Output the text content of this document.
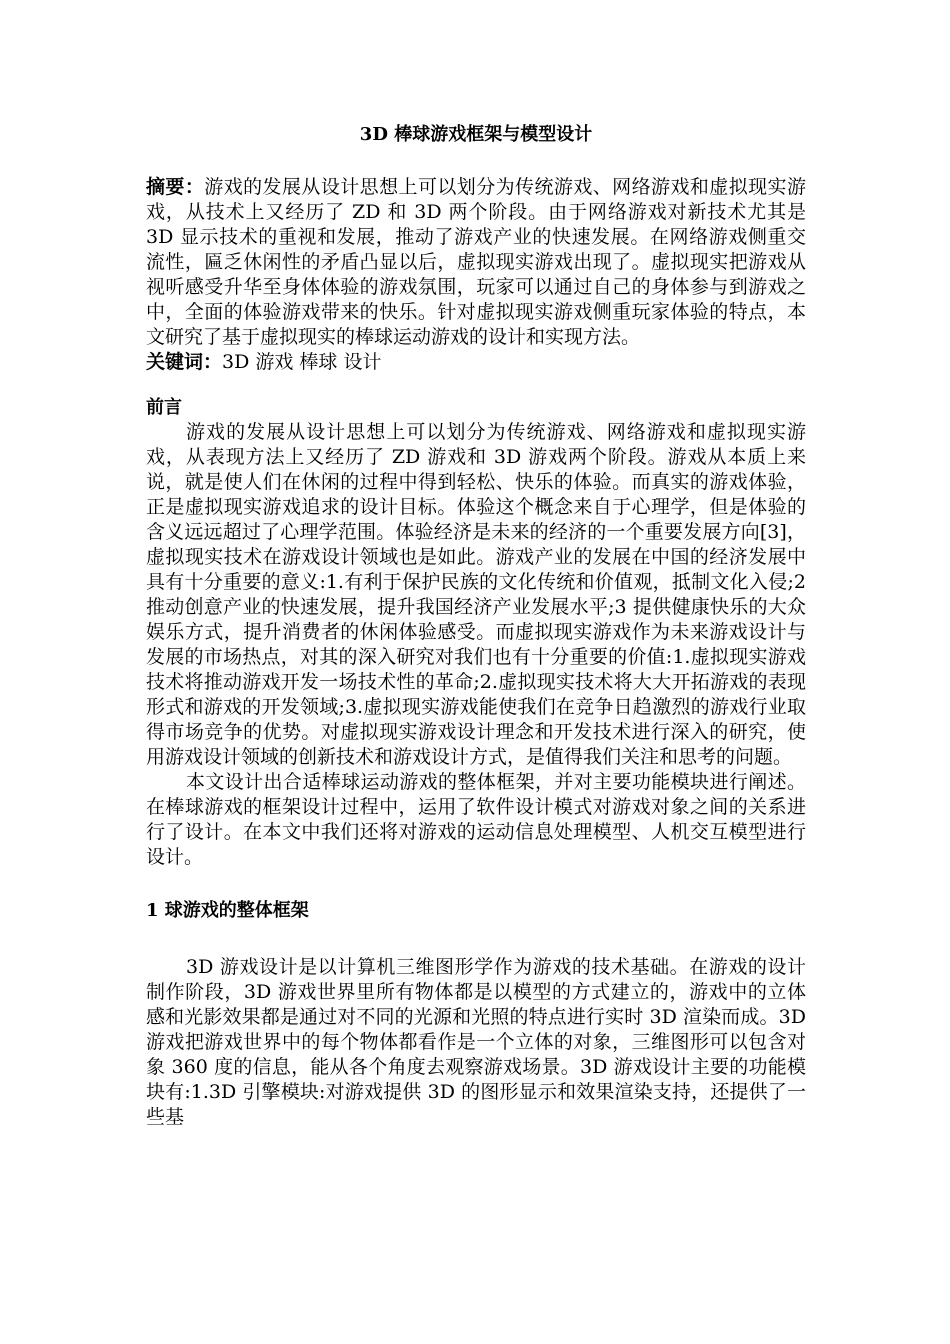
3D 棒球游戏框架与模型设计

摘要：游戏的发展从设计思想上可以划分为传统游戏、网络游戏和虚拟现实游戏，从技术上又经历了 ZD 和 3D 两个阶段。由于网络游戏对新技术尤其是 3D 显示技术的重视和发展，推动了游戏产业的快速发展。在网络游戏侧重交流性，匾乏休闲性的矛盾凸显以后，虚拟现实游戏出现了。虚拟现实把游戏从视听感受升华至身体体验的游戏氛围，玩家可以通过自己的身体参与到游戏之中，全面的体验游戏带来的快乐。针对虚拟现实游戏侧重玩家体验的特点，本文研究了基于虚拟现实的棒球运动游戏的设计和实现方法。

关键词：3D 游戏 棒球 设计

前言

游戏的发展从设计思想上可以划分为传统游戏、网络游戏和虚拟现实游戏，从表现方法上又经历了 ZD 游戏和 3D 游戏两个阶段。游戏从本质上来说，就是使人们在休闲的过程中得到轻松、快乐的体验。而真实的游戏体验，正是虚拟现实游戏追求的设计目标。体验这个概念来自于心理学，但是体验的含义远远超过了心理学范围。体验经济是未来的经济的一个重要发展方向[3]，虚拟现实技术在游戏设计领域也是如此。游戏产业的发展在中国的经济发展中具有十分重要的意义:1.有利于保护民族的文化传统和价值观，抵制文化入侵;2 推动创意产业的快速发展，提升我国经济产业发展水平;3 提供健康快乐的大众娱乐方式，提升消费者的休闲体验感受。而虚拟现实游戏作为未来游戏设计与发展的市场热点，对其的深入研究对我们也有十分重要的价值:1.虚拟现实游戏技术将推动游戏开发一场技术性的革命;2.虚拟现实技术将大大开拓游戏的表现形式和游戏的开发领域;3.虚拟现实游戏能使我们在竞争日趋激烈的游戏行业取得市场竞争的优势。对虚拟现实游戏设计理念和开发技术进行深入的研究，使用游戏设计领域的创新技术和游戏设计方式，是值得我们关注和思考的问题。

本文设计出合适棒球运动游戏的整体框架，并对主要功能模块进行阐述。在棒球游戏的框架设计过程中，运用了软件设计模式对游戏对象之间的关系进行了设计。在本文中我们还将对游戏的运动信息处理模型、人机交互模型进行设计。

1 球游戏的整体框架

3D 游戏设计是以计算机三维图形学作为游戏的技术基础。在游戏的设计制作阶段，3D 游戏世界里所有物体都是以模型的方式建立的，游戏中的立体感和光影效果都是通过对不同的光源和光照的特点进行实时 3D 渲染而成。3D 游戏把游戏世界中的每个物体都看作是一个立体的对象，三维图形可以包含对象 360 度的信息，能从各个角度去观察游戏场景。3D 游戏设计主要的功能模块有:1.3D 引擎模块:对游戏提供 3D 的图形显示和效果渲染支持，还提供了一些基
